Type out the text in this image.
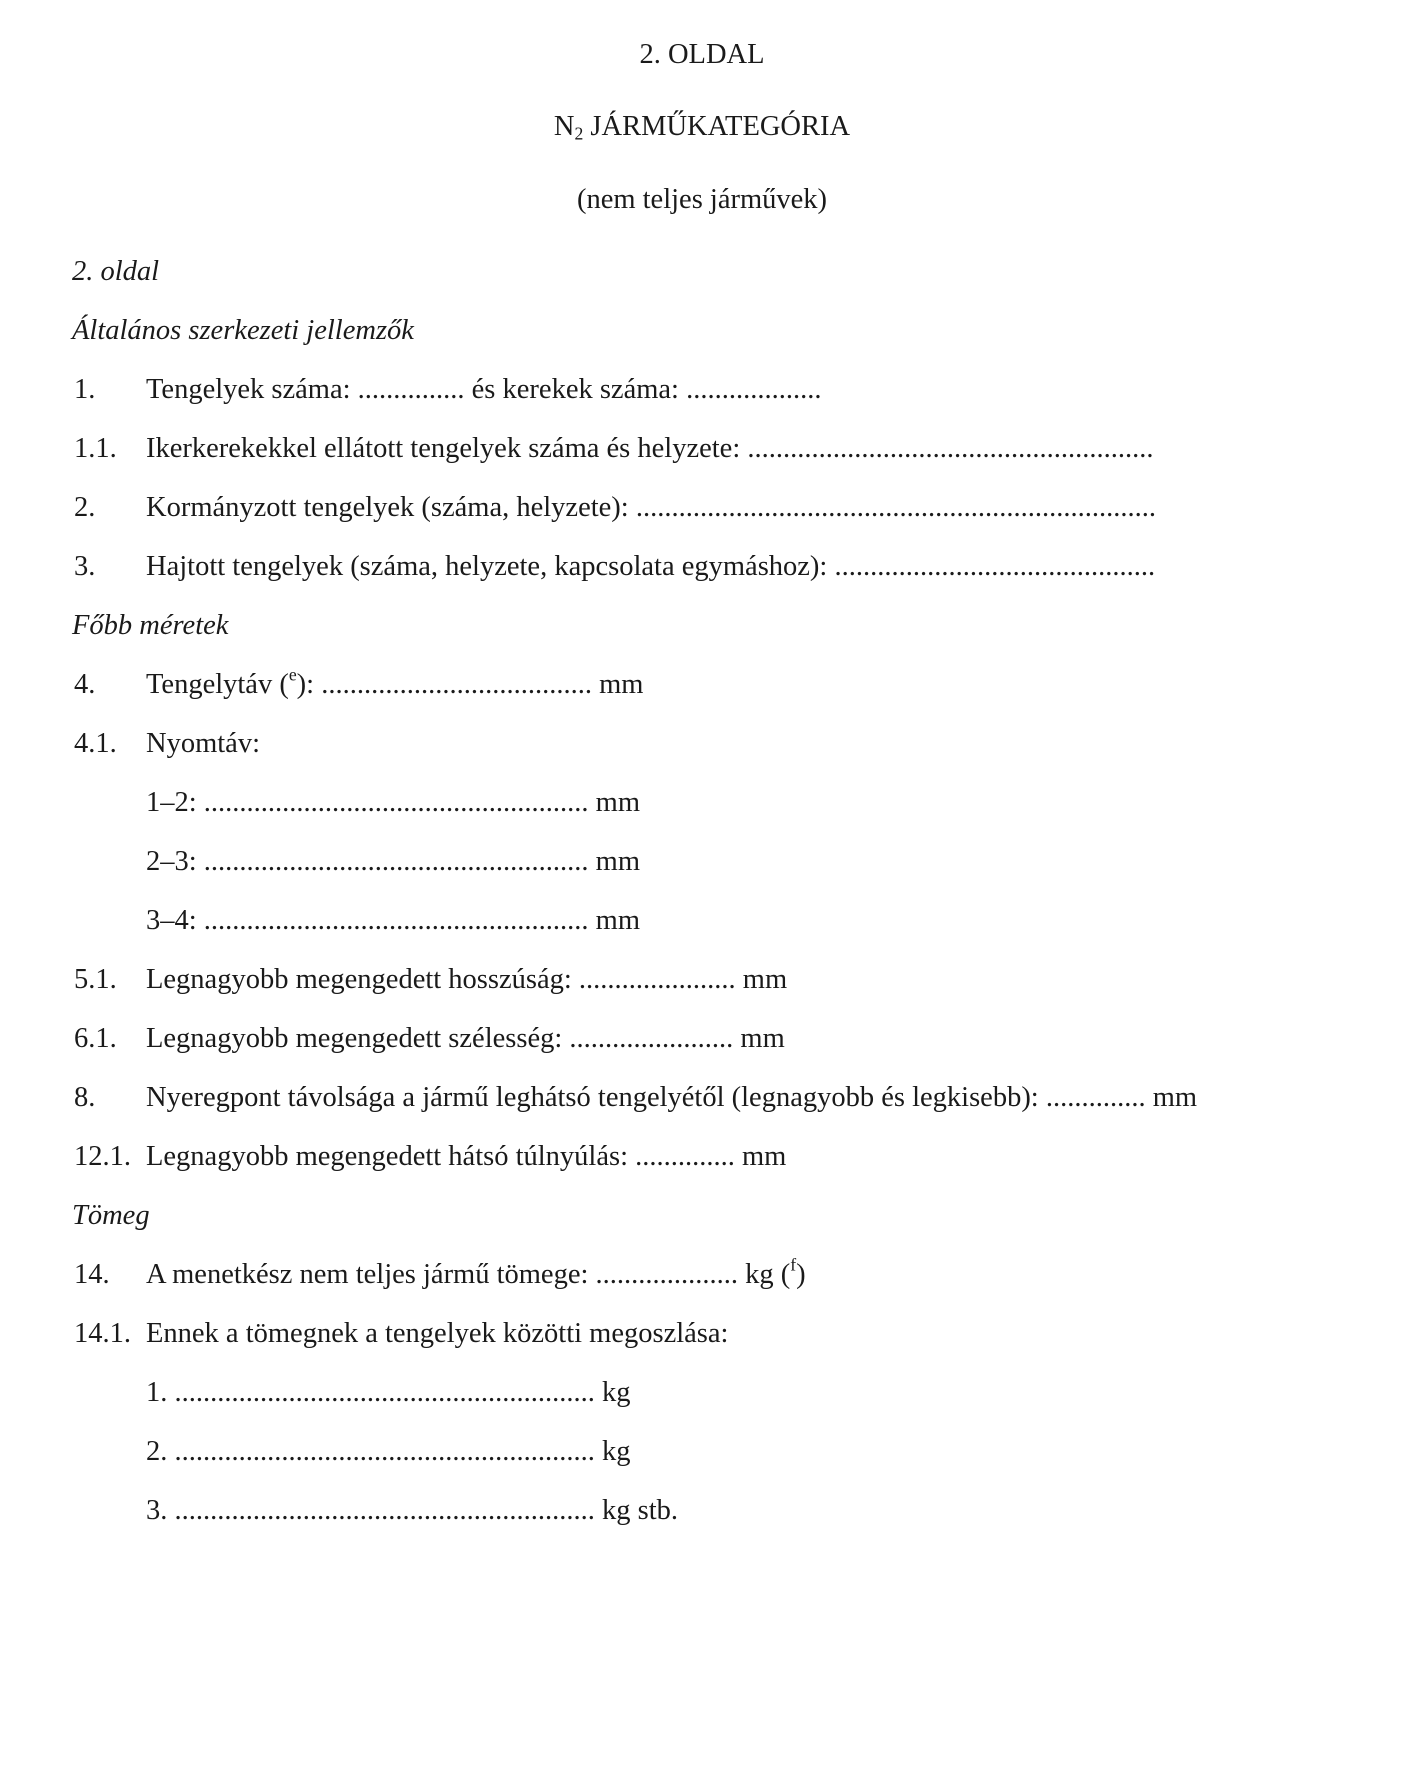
2. OLDAL
$N_2$ JÁRMŰKATEGÓRIA
(nem teljes járművek)
2. oldal
Általános szerkezeti jellemzők
1. Tengelyek száma: ............... és kerekek száma: ...................
1.1. Ikerkerekekkel ellátott tengelyek száma és helyzete: .........................................................
2. Kormányzott tengelyek (száma, helyzete): .........................................................................
3. Hajtott tengelyek (száma, helyzete, kapcsolata egymáshoz): .............................................
Főbb méretek
4. Tengelytáv ($^e$): ...................................... mm
4.1. Nyomtáv:
1–2: ...................................................... mm
2–3: ...................................................... mm
3–4: ...................................................... mm
5.1. Legnagyobb megengedett hosszúság: ...................... mm
6.1. Legnagyobb megengedett szélesség: ....................... mm
8. Nyeregpont távolsága a jármű leghátsó tengelyétől (legnagyobb és legkisebb): .............. mm
12.1. Legnagyobb megengedett hátsó túlnyúlás: .............. mm
Tömeg
14. A menetkész nem teljes jármű tömege: .................... kg ($^f$)
14.1. Ennek a tömegnek a tengelyek közötti megoszlása:
1. ........................................................... kg
2. ........................................................... kg
3. ........................................................... kg stb.
